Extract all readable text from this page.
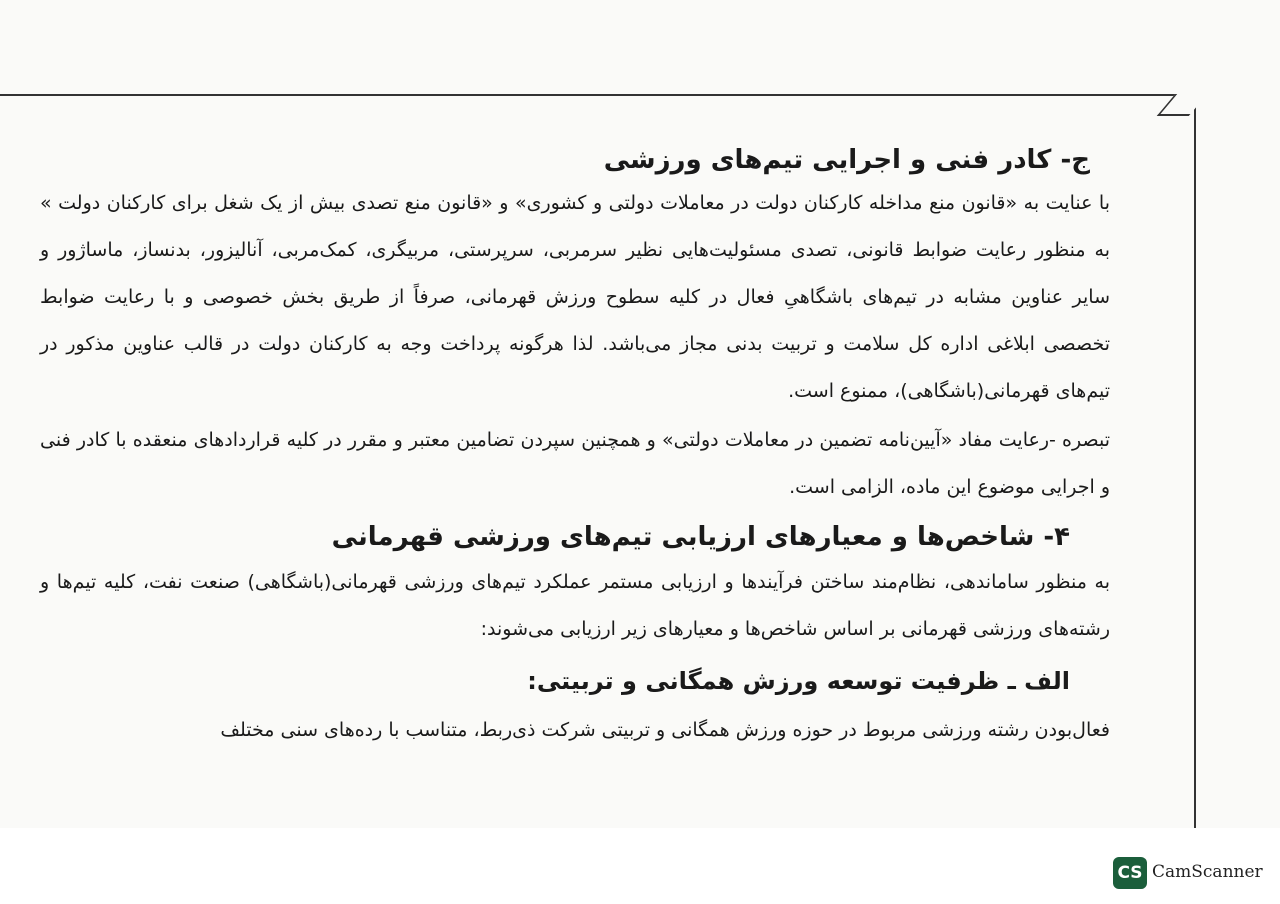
ج- کادر فنی و اجرایی تیم‌های ورزشی

با عنایت به «قانون منع مداخله کارکنان دولت در معاملات دولتی و کشوری» و «قانون منع تصدی بیش از یک شغل برای کارکنان دولت » به منظور رعایت ضوابط قانونی، تصدی مسئولیت‌هایی نظیر سرمربی، سرپرستی، مربیگری، کمک‌مربی، آنالیزور، بدنساز، ماساژور و سایر عناوین مشابه در تیم‌های باشگاهیِ فعال در کلیه سطوح ورزش قهرمانی، صرفاً از طریق بخش خصوصی و با رعایت ضوابط تخصصی ابلاغی اداره کل سلامت و تربیت بدنی مجاز می‌باشد. لذا هرگونه پرداخت وجه به کارکنان دولت در قالب عناوین مذکور در تیم‌های قهرمانی(باشگاهی)، ممنوع است.

تبصره -رعایت مفاد «آیین‌نامه تضمین در معاملات دولتی» و همچنین سپردن تضامین معتبر و مقرر در کلیه قراردادهای منعقده با کادر فنی و اجرایی موضوع این ماده، الزامی است.

۴- شاخص‌ها و معیارهای ارزیابی تیم‌های ورزشی قهرمانی

به منظور ساماندهی، نظام‌مند ساختن فرآیندها و ارزیابی مستمر عملکرد تیم‌های ورزشی قهرمانی(باشگاهی) صنعت نفت، کلیه تیم‌ها و رشته‌های ورزشی قهرمانی بر اساس شاخص‌ها و معیارهای زیر ارزیابی می‌شوند:

الف ـ ظرفیت توسعه ورزش همگانی و تربیتی:

فعال‌بودن رشته ورزشی مربوط در حوزه ورزش همگانی و تربیتی شرکت ذی‌ربط، متناسب با رده‌های سنی مختلف

CS CamScanner
